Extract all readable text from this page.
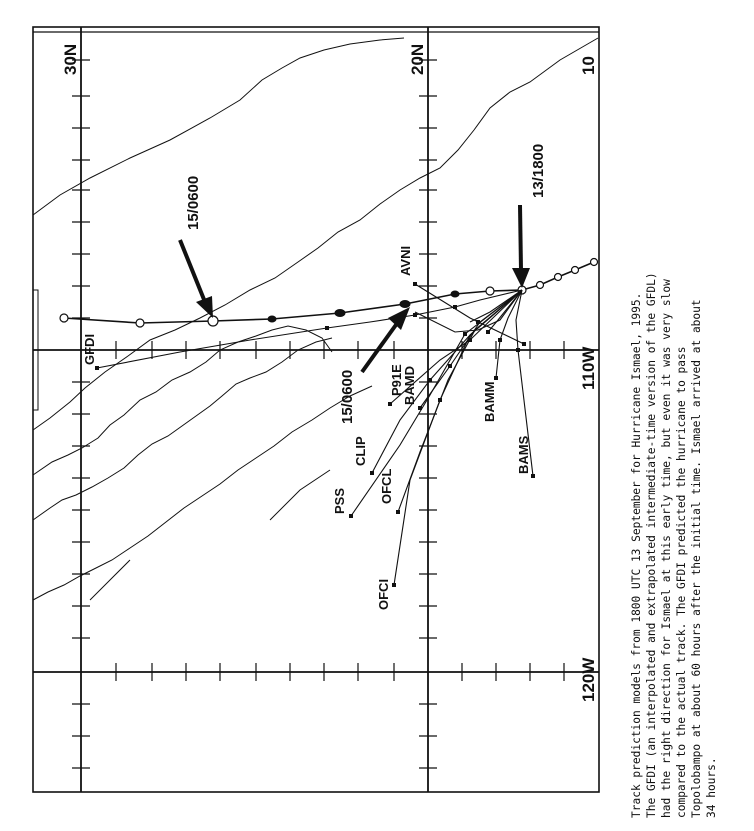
30N	20N	10
110W
120W
15/0600
13/1800
15/0600
GFDI
AVNI
P91E
BAMD
CLIP
PSS OFCL
OFCI
BAMM
BAMS	Track prediction models from 1800 UTC 13 September for Hurricane Ismael, 1995. The GFDI (an interpolated and extrapolated intermediate-time version of the GFDL) had the right direction for Ismael at this early time, but even it was very slow compared to the actual track. The GFDI predicted the hurricane to pass Topolobampo at about 60 hours after the initial time. Ismael arrived at about 34 hours.
